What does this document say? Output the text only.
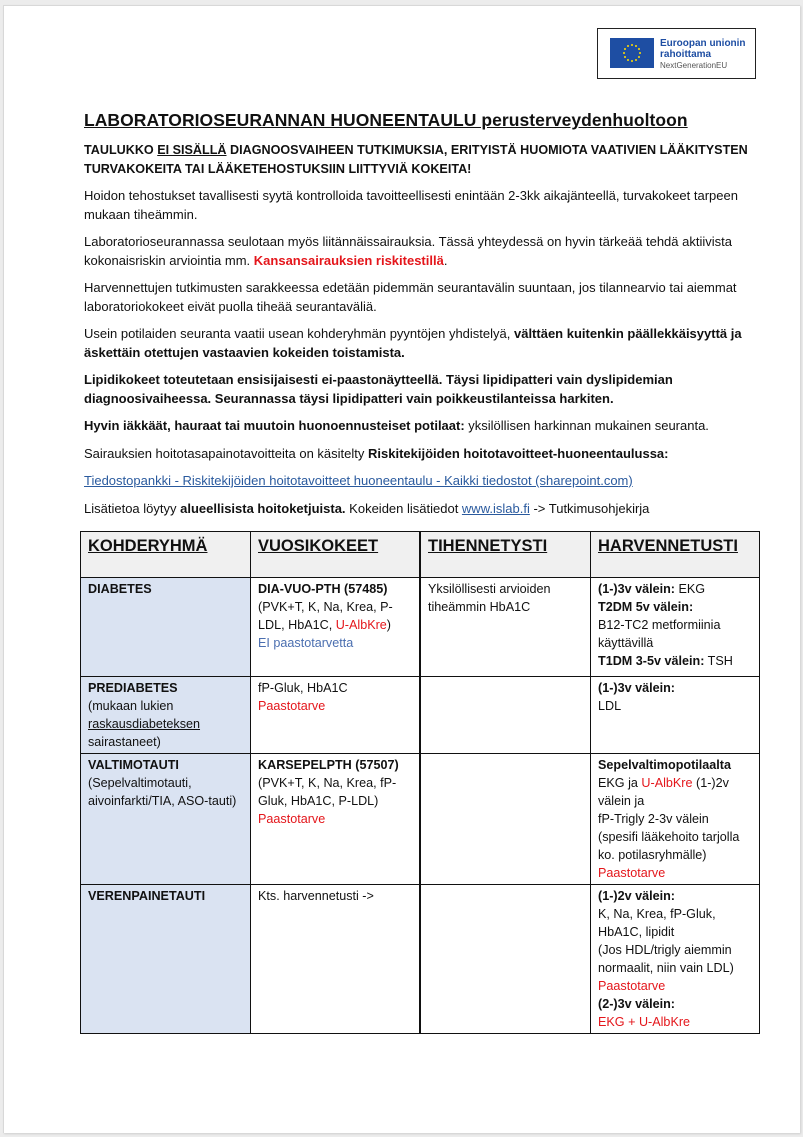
Euroopan unionin
rahoittama
NextGenerationEU
LABORATORIOSEURANNAN HUONEENTAULU perusterveydenhuoltoon

TAULUKKO EI SISÄLLÄ DIAGNOOSVAIHEEN TUTKIMUKSIA, ERITYISTÄ HUOMIOTA VAATIVIEN LÄÄKITYSTEN TURVAKOKEITA TAI LÄÄKETEHOSTUKSIIN LIITTYVIÄ KOKEITA!

Hoidon tehostukset tavallisesti syytä kontrolloida tavoitteellisesti enintään 2-3kk aikajänteellä, turvakokeet tarpeen mukaan tiheämmin.

Laboratorioseurannassa seulotaan myös liitännäissairauksia. Tässä yhteydessä on hyvin tärkeää tehdä aktiivista kokonaisriskin arviointia mm. Kansansairauksien riskitestillä.

Harvennettujen tutkimusten sarakkeessa edetään pidemmän seurantavälin suuntaan, jos tilannearvio tai aiemmat laboratoriokokeet eivät puolla tiheää seurantaväliä.

Usein potilaiden seuranta vaatii usean kohderyhmän pyyntöjen yhdistelyä, välttäen kuitenkin päällekkäisyyttä ja äskettäin otettujen vastaavien kokeiden toistamista.

Lipidikokeet toteutetaan ensisijaisesti ei-paastonäytteellä. Täysi lipidipatteri vain dyslipidemian diagnoosivaiheessa. Seurannassa täysi lipidipatteri vain poikkeustilanteissa harkiten.

Hyvin iäkkäät, hauraat tai muutoin huonoennusteiset potilaat: yksilöllisen harkinnan mukainen seuranta.

Sairauksien hoitotasapainotavoitteita on käsitelty Riskitekijöiden hoitotavoitteet-huoneentaulussa:

Tiedostopankki - Riskitekijöiden hoitotavoitteet huoneentaulu - Kaikki tiedostot (sharepoint.com)

Lisätietoa löytyy alueellisista hoitoketjuista. Kokeiden lisätiedot www.islab.fi -> Tutkimusohjekirja

KOHDERYHMÄ	VUOSIKOKEET	TIHENNETYSTI	HARVENNETUSTI
DIABETES	DIA-VUO-PTH (57485)
(PVK+T, K, Na, Krea, P-LDL, HbA1C, U-AlbKre)
EI paastotarvetta	Yksilöllisesti arvioiden tiheämmin HbA1C	(1-)3v välein: EKG
T2DM 5v välein:
B12-TC2 metformiinia käyttävillä
T1DM 3-5v välein: TSH

PREDIABETES
(mukaan lukien
raskausdiabeteksen
sairastaneet)	fP-Gluk, HbA1C
Paastotarve		(1-)3v välein:
LDL

VALTIMOTAUTI
(Sepelvaltimotauti, aivoinfarkti/TIA, ASO-tauti)	KARSEPELPTH (57507)
(PVK+T, K, Na, Krea, fP-Gluk, HbA1C, P-LDL)
Paastotarve		Sepelvaltimopotilaalta
EKG ja U-AlbKre (1-)2v välein ja
fP-Trigly 2-3v välein
(spesifi lääkehoito tarjolla ko. potilasryhmälle)
Paastotarve

VERENPAINETAUTI	Kts. harvennetusti ->		(1-)2v välein:
K, Na, Krea, fP-Gluk, HbA1C, lipidit
(Jos HDL/trigly aiemmin normaalit, niin vain LDL)
Paastotarve
(2-)3v välein:
EKG + U-AlbKre
